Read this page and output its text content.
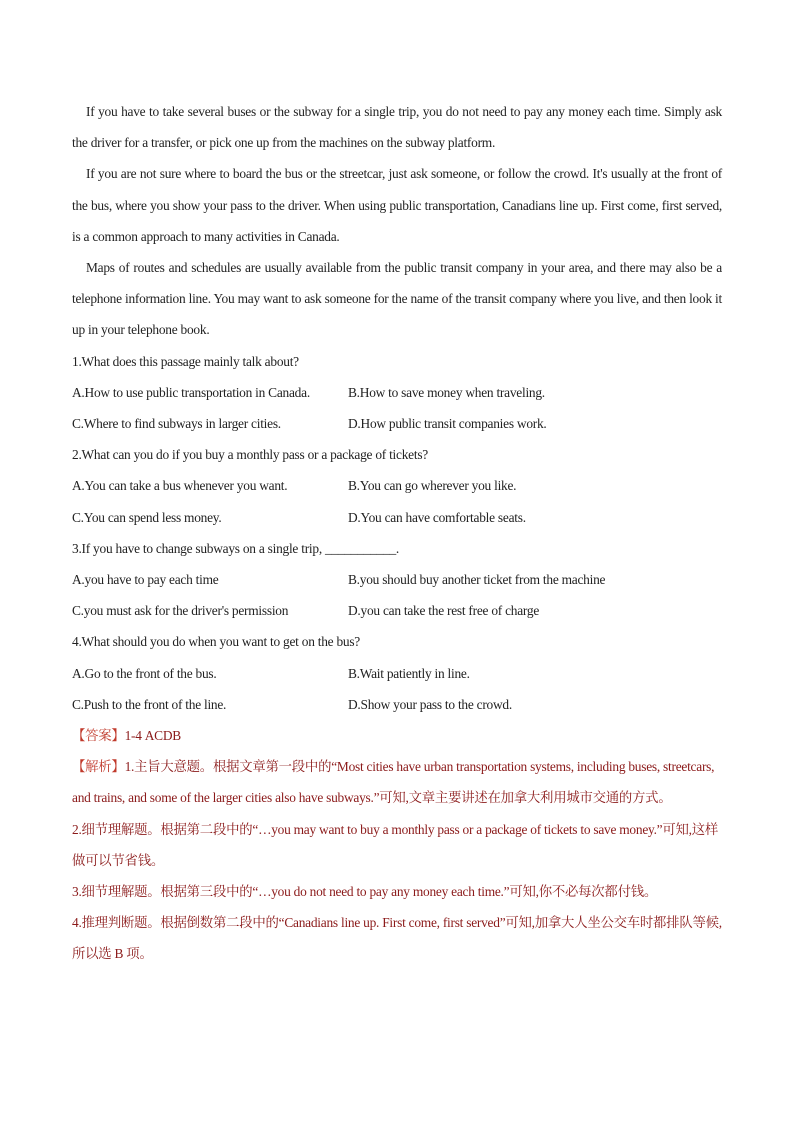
If you have to take several buses or the subway for a single trip, you do not need to pay any money each time. Simply ask the driver for a transfer, or pick one up from the machines on the subway platform.

If you are not sure where to board the bus or the streetcar, just ask someone, or follow the crowd. It's usually at the front of the bus, where you show your pass to the driver. When using public transportation, Canadians line up. First come, first served, is a common approach to many activities in Canada.

Maps of routes and schedules are usually available from the public transit company in your area, and there may also be a telephone information line. You may want to ask someone for the name of the transit company where you live, and then look it up in your telephone book.

1.What does this passage mainly talk about?

A.How to use public transportation in Canada.	B.How to save money when traveling.
C.Where to find subways in larger cities.	D.How public transit companies work.

2.What can you do if you buy a monthly pass or a package of tickets?

A.You can take a bus whenever you want.	B.You can go wherever you like.
C.You can spend less money.	D.You can have comfortable seats.

3.If you have to change subways on a single trip, ___________.

A.you have to pay each time	B.you should buy another ticket from the machine
C.you must ask for the driver's permission	D.you can take the rest free of charge

4.What should you do when you want to get on the bus?

A.Go to the front of the bus.	B.Wait patiently in line.
C.Push to the front of the line.	D.Show your pass to the crowd.

【答案】1-4 ACDB

【解析】1.主旨大意题。根据文章第一段中的“Most cities have urban transportation systems, including buses, streetcars, and trains, and some of the larger cities also have subways.”可知,文章主要讲述在加拿大利用城市交通的方式。

2.细节理解题。根据第二段中的“…you may want to buy a monthly pass or a package of tickets to save money.”可知,这样做可以节省钱。

3.细节理解题。根据第三段中的“…you do not need to pay any money each time.”可知,你不必每次都付钱。

4.推理判断题。根据倒数第二段中的“Canadians line up. First come, first served”可知,加拿大人坐公交车时都排队等候,所以选 B 项。
